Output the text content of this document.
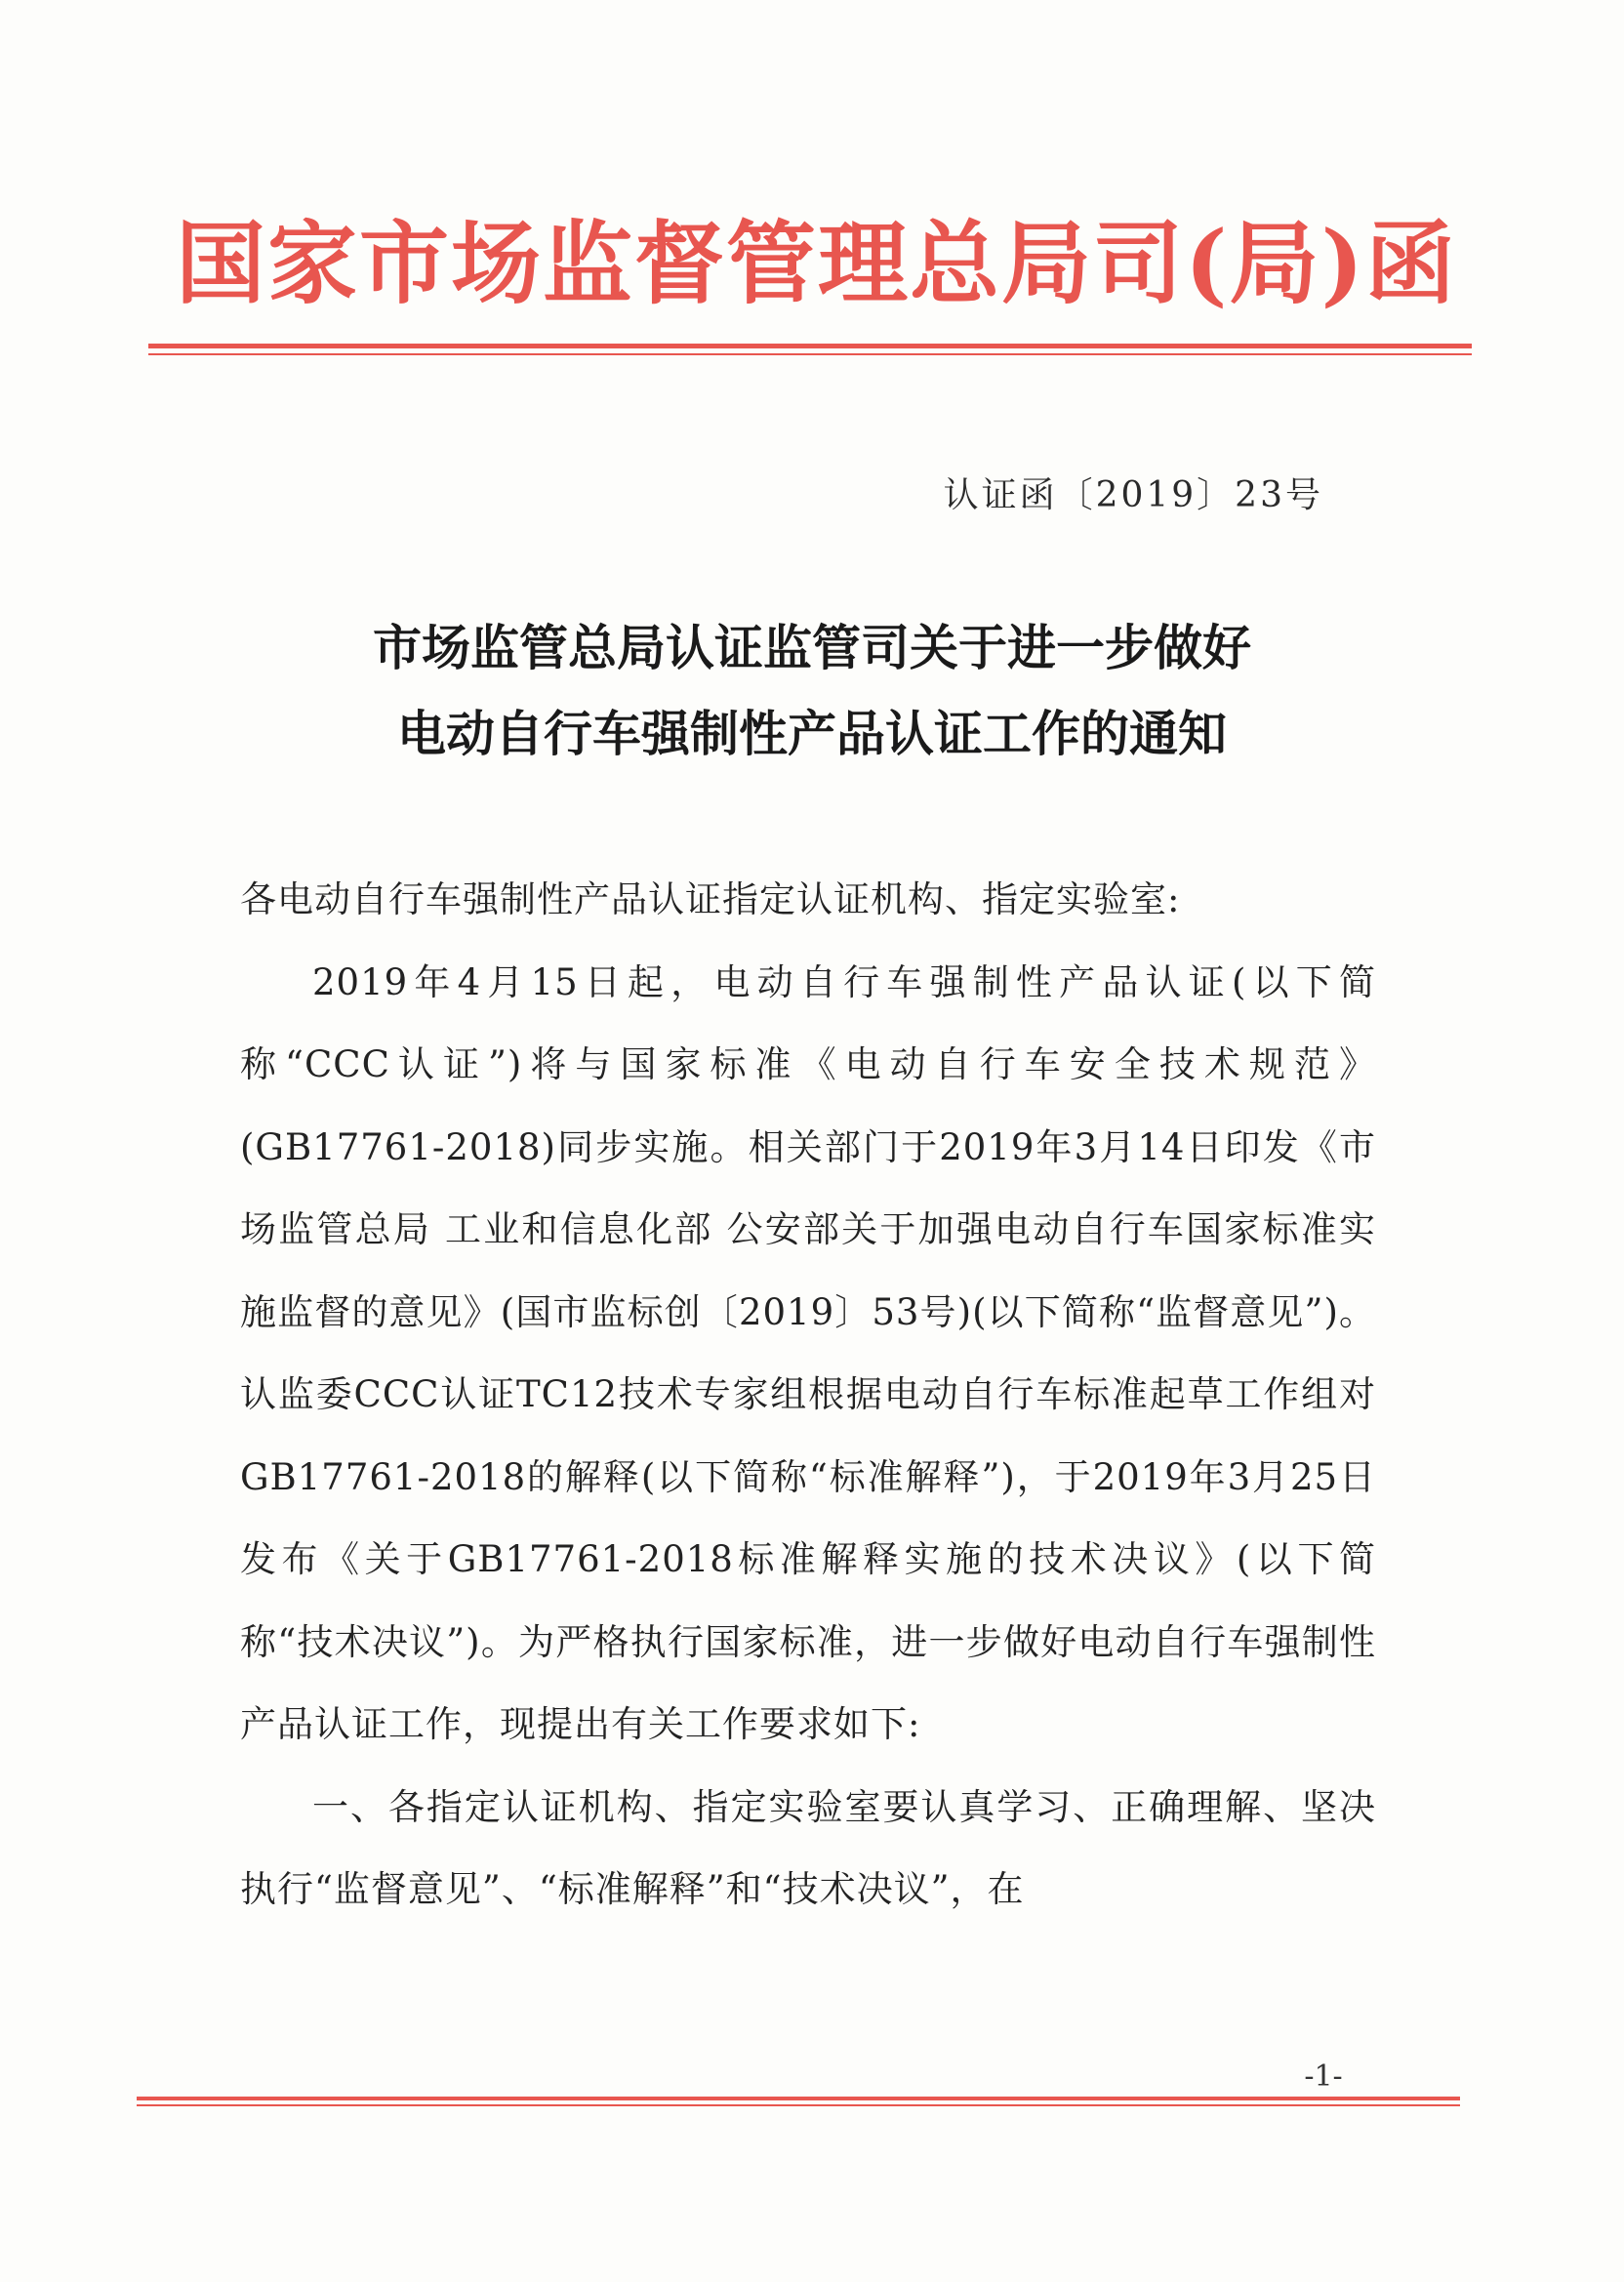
国家市场监督管理总局司(局)函
认证函〔2019〕23号
市场监管总局认证监管司关于进一步做好
电动自行车强制性产品认证工作的通知

各电动自行车强制性产品认证指定认证机构、指定实验室:

2019年4月15日起，电动自行车强制性产品认证(以下简称“CCC认证”)将与国家标准《电动自行车安全技术规范》(GB17761-2018)同步实施。相关部门于2019年3月14日印发《市场监管总局 工业和信息化部 公安部关于加强电动自行车国家标准实施监督的意见》(国市监标创〔2019〕53号)(以下简称“监督意见”)。认监委CCC认证TC12技术专家组根据电动自行车标准起草工作组对GB17761-2018的解释(以下简称“标准解释”)，于2019年3月25日发布《关于GB17761-2018标准解释实施的技术决议》(以下简称“技术决议”)。为严格执行国家标准，进一步做好电动自行车强制性产品认证工作，现提出有关工作要求如下:

一、各指定认证机构、指定实验室要认真学习、正确理解、坚决执行“监督意见”、“标准解释”和“技术决议”，在

-1-
